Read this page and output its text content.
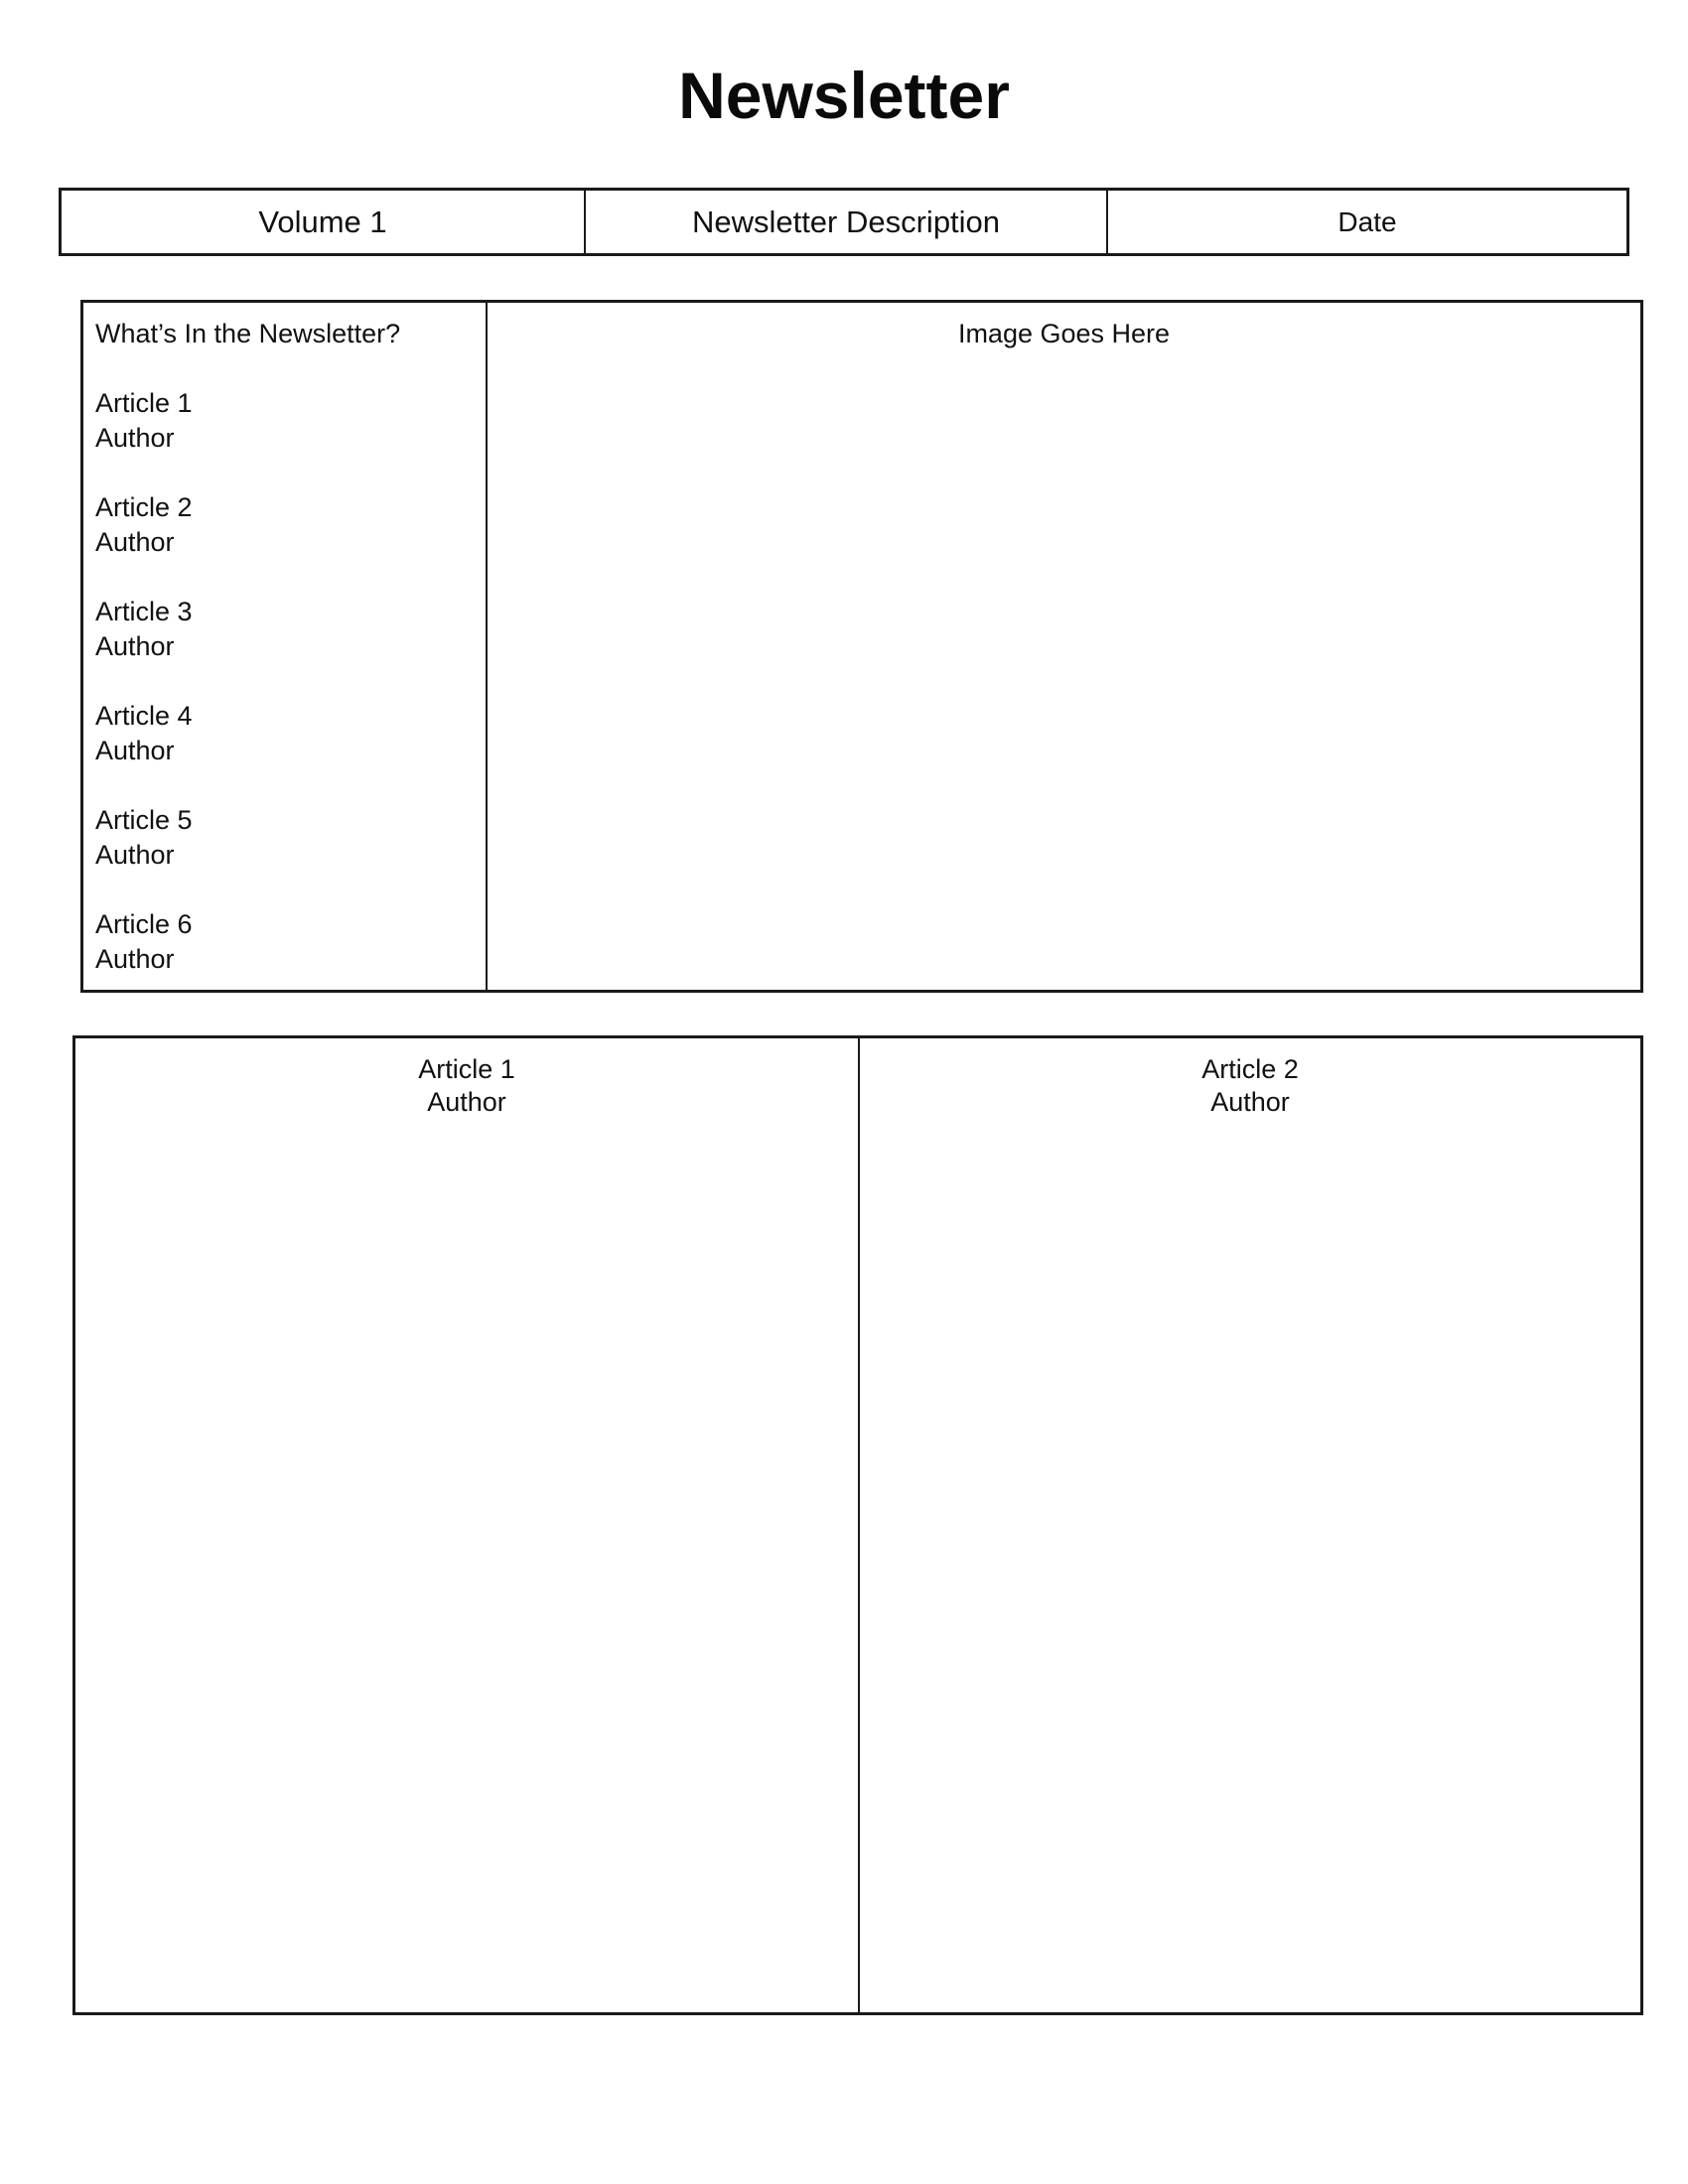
Newsletter
Volume 1	Newsletter Description	Date
What’s In the Newsletter?
Article 1
Author
Article 2
Author
Article 3
Author
Article 4
Author
Article 5
Author
Article 6
Author
Image Goes Here
Article 1
Author
Article 2
Author
